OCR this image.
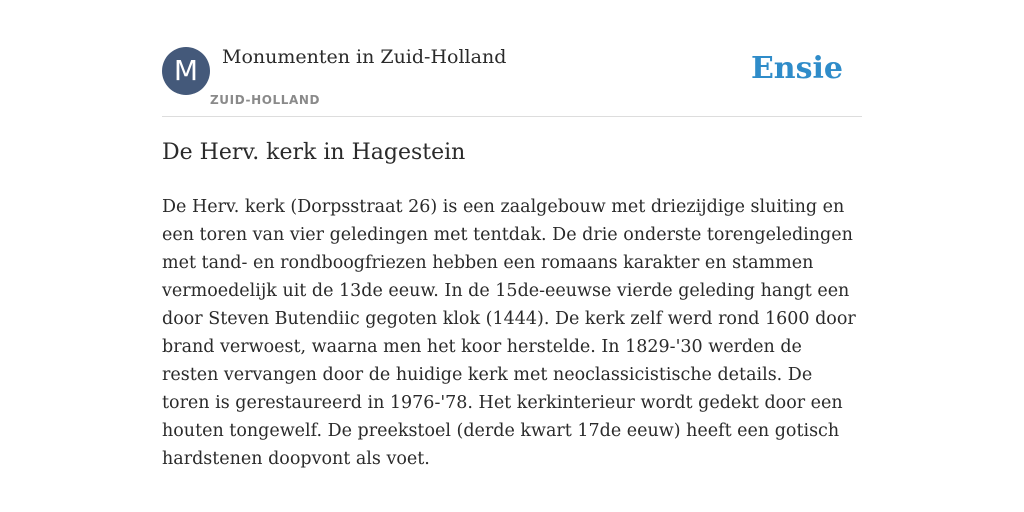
M	Monumenten in Zuid-Holland
ZUID-HOLLAND
Ensie
De Herv. kerk in Hagestein

De Herv. kerk (Dorpsstraat 26) is een zaalgebouw met driezijdige sluiting en een toren van vier geledingen met tentdak. De drie onderste torengeledingen met tand- en rondboogfriezen hebben een romaans karakter en stammen vermoedelijk uit de 13de eeuw. In de 15de-eeuwse vierde geleding hangt een door Steven Butendiic gegoten klok (1444). De kerk zelf werd rond 1600 door brand verwoest, waarna men het koor herstelde. In 1829-'30 werden de resten vervangen door de huidige kerk met neoclassicistische details. De toren is gerestaureerd in 1976-'78. Het kerkinterieur wordt gedekt door een houten tongewelf. De preekstoel (derde kwart 17de eeuw) heeft een gotisch hardstenen doopvont als voet.
